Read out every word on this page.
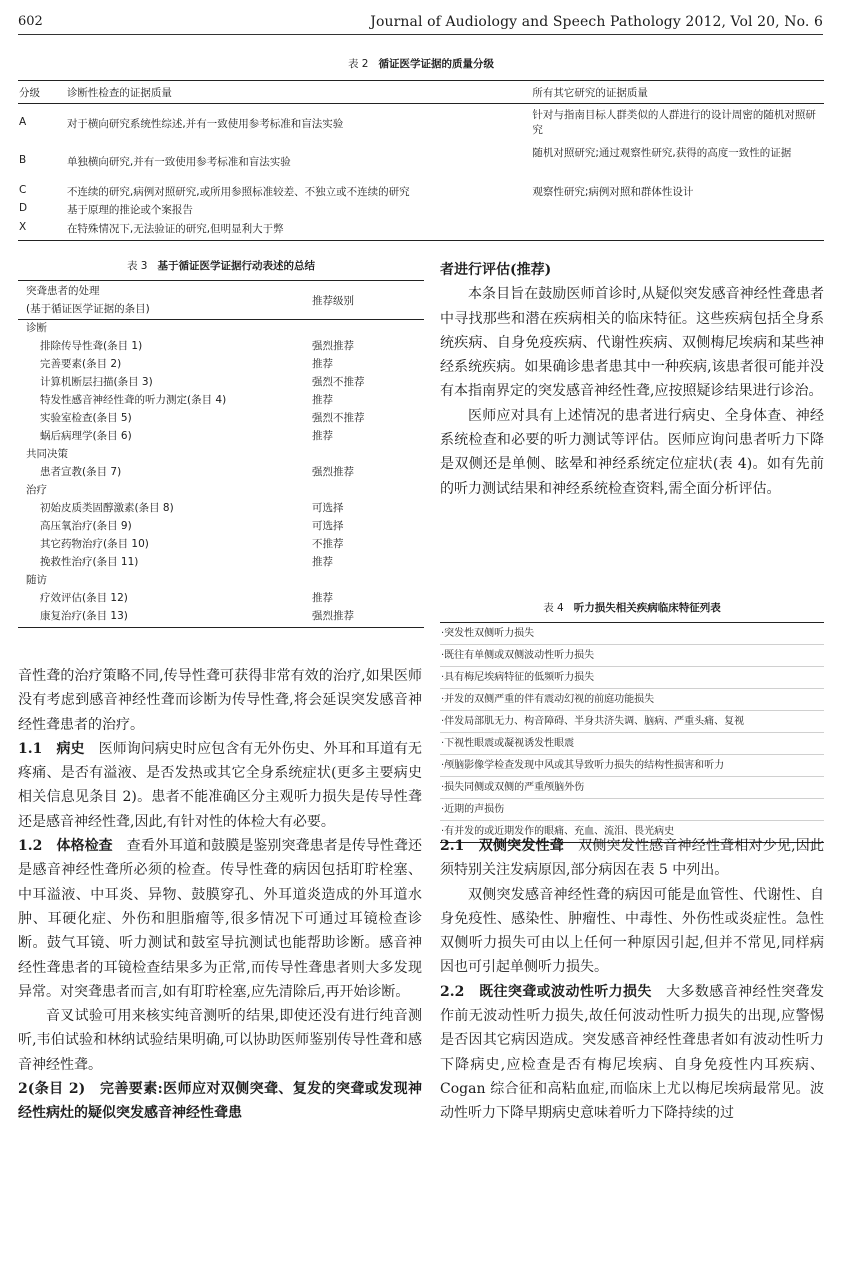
602	Journal of Audiology and Speech Pathology 2012, Vol 20, No. 6
表 2 循证医学证据的质量分级
分级	诊断性检查的证据质量	所有其它研究的证据质量
A	对于横向研究系统性综述,并有一致使用参考标准和盲法实验	针对与指南目标人群类似的人群进行的设计周密的随机对照研究
B	单独横向研究,并有一致使用参考标准和盲法实验	随机对照研究;通过观察性研究,获得的高度一致性的证据
C	不连续的研究,病例对照研究,或所用参照标准较差、不独立或不连续的研究	观察性研究;病例对照和群体性设计
D	基于原理的推论或个案报告	
X	在特殊情况下,无法验证的研究,但明显利大于弊	
表 3 基于循证医学证据行动表述的总结
突聋患者的处理
(基于循证医学证据的条目)	推荐级别
诊断	
排除传导性聋(条目 1)	强烈推荐
完善要素(条目 2)	推荐
计算机断层扫描(条目 3)	强烈不推荐
特发性感音神经性聋的听力测定(条目 4)	推荐
实验室检查(条目 5)	强烈不推荐
蜗后病理学(条目 6)	推荐
共同决策	
患者宣教(条目 7)	强烈推荐
治疗	
初始皮质类固醇激素(条目 8)	可选择
高压氧治疗(条目 9)	可选择
其它药物治疗(条目 10)	不推荐
挽救性治疗(条目 11)	推荐
随访	
疗效评估(条目 12)	推荐
康复治疗(条目 13)	强烈推荐

音性聋的治疗策略不同,传导性聋可获得非常有效的治疗,如果医师没有考虑到感音神经性聋而诊断为传导性聋,将会延误突发感音神经性聋患者的治疗。

1.1　病史　医师询问病史时应包含有无外伤史、外耳和耳道有无疼痛、是否有溢液、是否发热或其它全身系统症状(更多主要病史相关信息见条目 2)。患者不能准确区分主观听力损失是传导性聋还是感音神经性聋,因此,有针对性的体检大有必要。

1.2　体格检查　查看外耳道和鼓膜是鉴别突聋患者是传导性聋还是感音神经性聋所必须的检查。传导性聋的病因包括耵聍栓塞、中耳溢液、中耳炎、异物、鼓膜穿孔、外耳道炎造成的外耳道水肿、耳硬化症、外伤和胆脂瘤等,很多情况下可通过耳镜检查诊断。鼓气耳镜、听力测试和鼓室导抗测试也能帮助诊断。感音神经性聋患者的耳镜检查结果多为正常,而传导性聋患者则大多发现异常。对突聋患者而言,如有耵聍栓塞,应先清除后,再开始诊断。

音叉试验可用来核实纯音测听的结果,即使还没有进行纯音测听,韦伯试验和林纳试验结果明确,可以协助医师鉴别传导性聋和感音神经性聋。

2(条目 2)　完善要素:医师应对双侧突聋、复发的突聋或发现神经性病灶的疑似突发感音神经性聋患

者进行评估(推荐)

本条目旨在鼓励医师首诊时,从疑似突发感音神经性聋患者中寻找那些和潜在疾病相关的临床特征。这些疾病包括全身系统疾病、自身免疫疾病、代谢性疾病、双侧梅尼埃病和某些神经系统疾病。如果确诊患者患其中一种疾病,该患者很可能并没有本指南界定的突发感音神经性聋,应按照疑诊结果进行诊治。

医师应对具有上述情况的患者进行病史、全身体查、神经系统检查和必要的听力测试等评估。医师应询问患者听力下降是双侧还是单侧、眩晕和神经系统定位症状(表 4)。如有先前的听力测试结果和神经系统检查资料,需全面分析评估。

表 4 听力损失相关疾病临床特征列表
·突发性双侧听力损失
·既往有单侧或双侧波动性听力损失
·具有梅尼埃病特征的低频听力损失
·并发的双侧严重的伴有震动幻视的前庭功能损失
·伴发局部肌无力、构音障碍、半身共济失调、脑病、严重头痛、复视
·下视性眼震或凝视诱发性眼震
·颅脑影像学检查发现中风或其导致听力损失的结构性损害和听力
·损失同侧或双侧的严重颅脑外伤
·近期的声损伤
·有并发的或近期发作的眼痛、充血、流泪、畏光病史

2.1　双侧突发性聋　双侧突发性感音神经性聋相对少见,因此须特别关注发病原因,部分病因在表 5 中列出。

双侧突发感音神经性聋的病因可能是血管性、代谢性、自身免疫性、感染性、肿瘤性、中毒性、外伤性或炎症性。急性双侧听力损失可由以上任何一种原因引起,但并不常见,同样病因也可引起单侧听力损失。

2.2　既往突聋或波动性听力损失　大多数感音神经性突聋发作前无波动性听力损失,故任何波动性听力损失的出现,应警惕是否因其它病因造成。突发感音神经性聋患者如有波动性听力下降病史,应检查是否有梅尼埃病、自身免疫性内耳疾病、Cogan 综合征和高粘血症,而临床上尤以梅尼埃病最常见。波动性听力下降早期病史意味着听力下降持续的过
